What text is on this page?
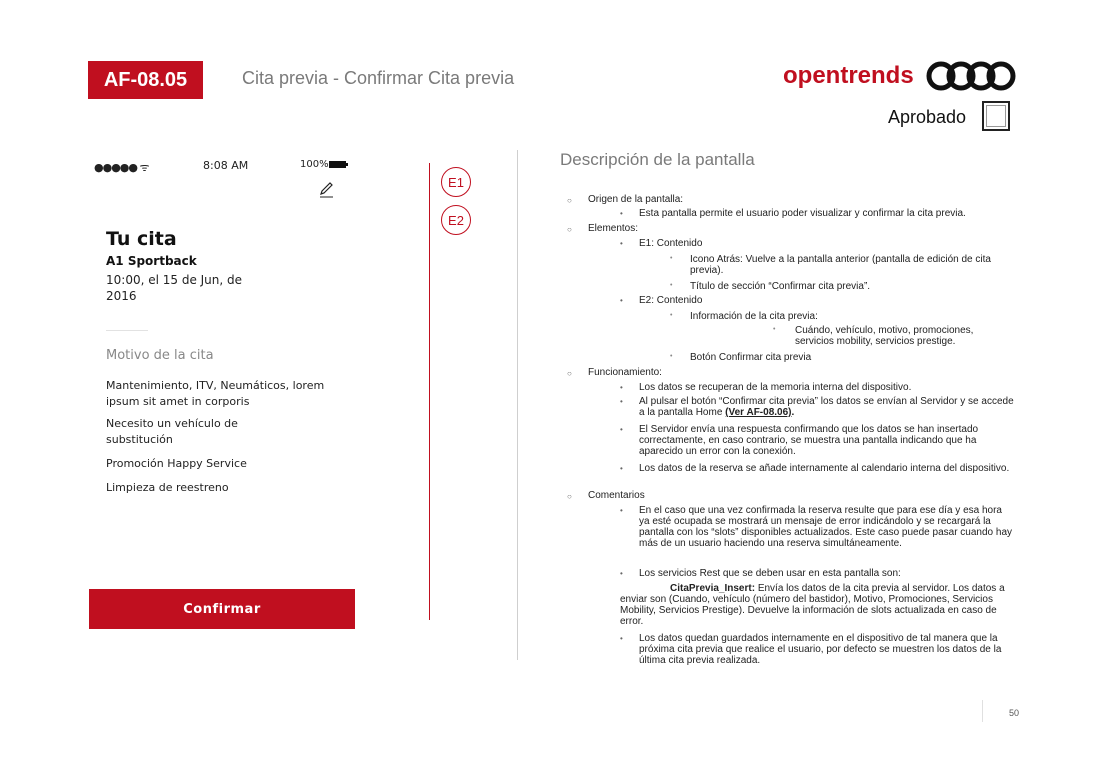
AF-08.05	Cita previa - Confirmar Cita previa	opentrends
Aprobado
●●●●● ᯤ	8:08 AM	100%
Tu cita
A1 Sportback
10:00, el 15 de Jun, de 2016
Motivo de la cita
Mantenimiento, ITV, Neumáticos, lorem ipsum sit amet in corporis
Necesito un vehículo de substitución
Promoción Happy Service
Limpieza de reestreno
Confirmar
E1
E2
Descripción de la pantalla
○ Origen de la pantalla:
• Esta pantalla permite el usuario poder visualizar y confirmar la cita previa.
○ Elementos:
• E1: Contenido
• Icono Atrás: Vuelve a la pantalla anterior (pantalla de edición de cita previa).
• Título de sección “Confirmar cita previa”.
• E2: Contenido
• Información de la cita previa:
• Cuándo, vehículo, motivo, promociones, servicios mobility, servicios prestige.
• Botón Confirmar cita previa
○ Funcionamiento:
• Los datos se recuperan de la memoria interna del dispositivo.
• Al pulsar el botón “Confirmar cita previa” los datos se envían al Servidor y se accede a la pantalla Home (Ver AF-08.06).
• El Servidor envía una respuesta confirmando que los datos se han insertado correctamente, en caso contrario, se muestra una pantalla indicando que ha aparecido un error con la conexión.
• Los datos de la reserva se añade internamente al calendario interna del dispositivo.
○ Comentarios
• En el caso que una vez confirmada la reserva resulte que para ese día y esa hora ya esté ocupada se mostrará un mensaje de error indicándolo y se recargará la pantalla con los “slots” disponibles actualizados. Este caso puede pasar cuando hay más de un usuario haciendo una reserva simultáneamente.
• Los servicios Rest que se deben usar en esta pantalla son:
CitaPrevia_Insert: Envía los datos de la cita previa al servidor. Los datos a enviar son (Cuando, vehículo (número del bastidor), Motivo, Promociones, Servicios Mobility, Servicios Prestige). Devuelve la información de slots actualizada en caso de error.
• Los datos quedan guardados internamente en el dispositivo de tal manera que la próxima cita previa que realice el usuario, por defecto se muestren los datos de la última cita previa realizada.
50
